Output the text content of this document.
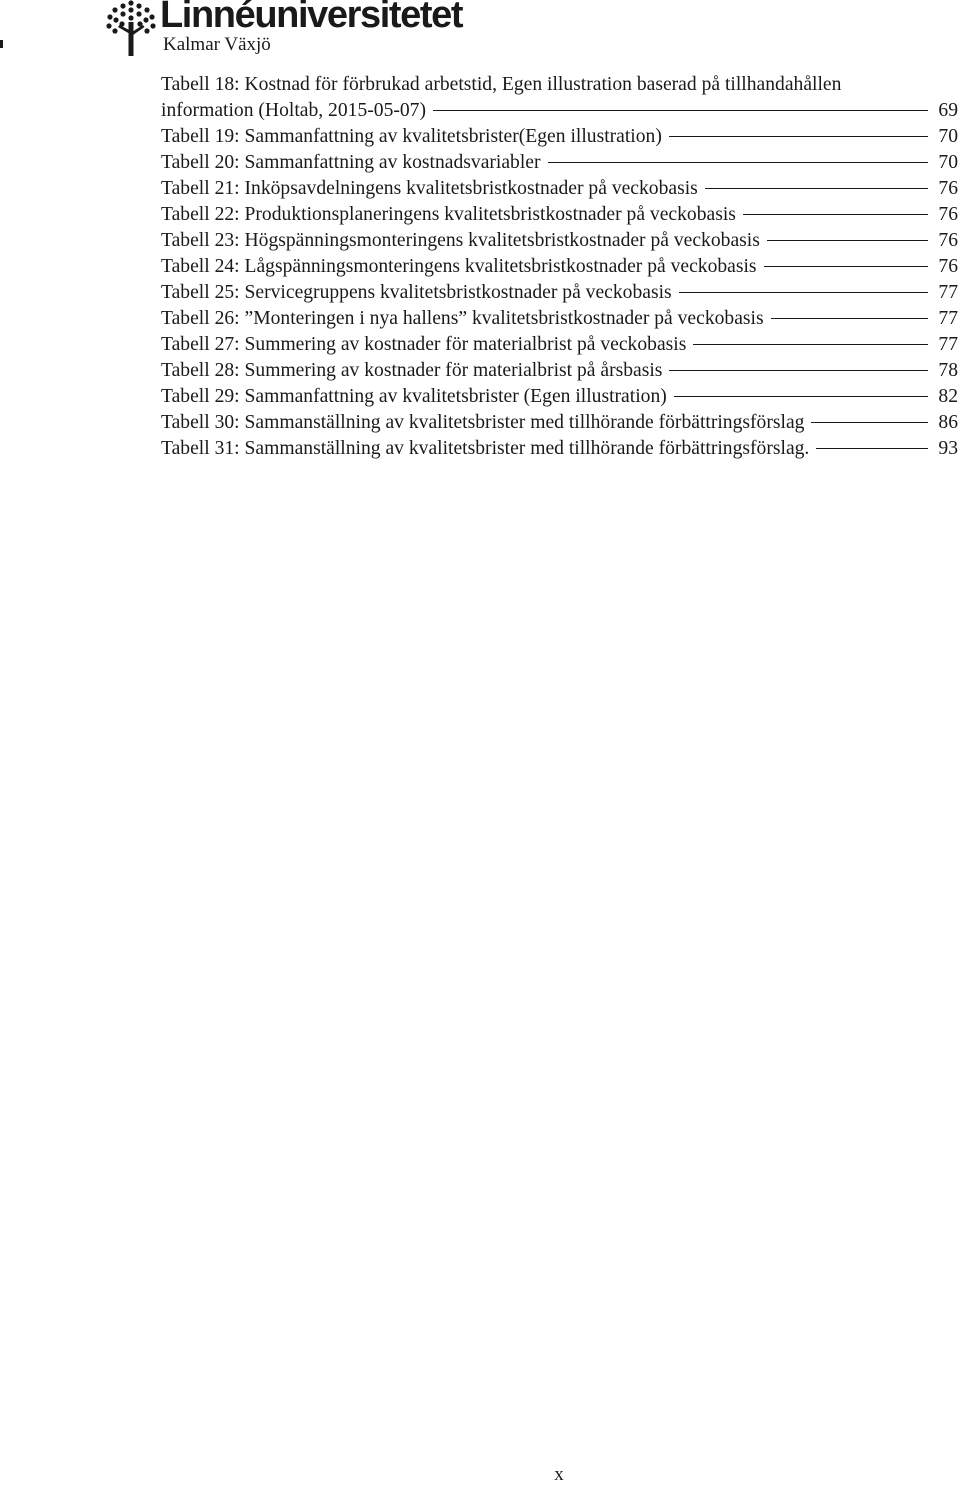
Linnéuniversitetet
Kalmar Växjö
Tabell 18: Kostnad för förbrukad arbetstid, Egen illustration baserad på tillhandahållen
information (Holtab, 2015-05-07)	69
Tabell 19: Sammanfattning av kvalitetsbrister(Egen illustration)	70
Tabell 20: Sammanfattning av kostnadsvariabler	70
Tabell 21: Inköpsavdelningens kvalitetsbristkostnader på veckobasis	76
Tabell 22: Produktionsplaneringens kvalitetsbristkostnader på veckobasis	76
Tabell 23: Högspänningsmonteringens kvalitetsbristkostnader på veckobasis	76
Tabell 24: Lågspänningsmonteringens kvalitetsbristkostnader på veckobasis	76
Tabell 25: Servicegruppens kvalitetsbristkostnader på veckobasis	77
Tabell 26: ”Monteringen i nya hallens” kvalitetsbristkostnader på veckobasis	77
Tabell 27: Summering av kostnader för materialbrist på veckobasis	77
Tabell 28: Summering av kostnader för materialbrist på årsbasis	78
Tabell 29: Sammanfattning av kvalitetsbrister (Egen illustration)	82
Tabell 30: Sammanställning av kvalitetsbrister med tillhörande förbättringsförslag	86
Tabell 31: Sammanställning av kvalitetsbrister med tillhörande förbättringsförslag.	93
x
